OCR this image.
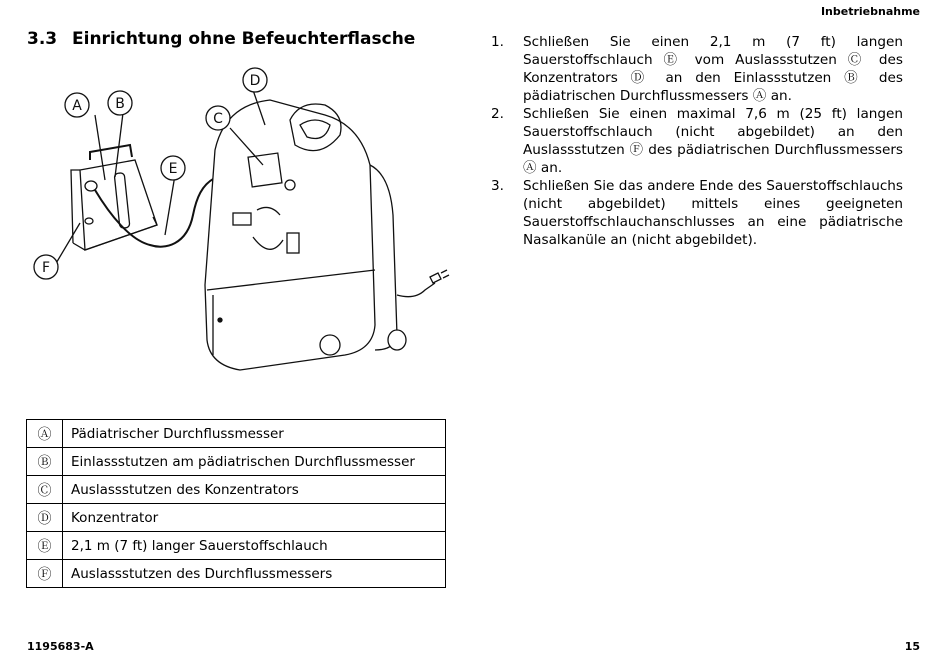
Inbetriebnahme
3.3 Einrichtung ohne Befeuchterflasche
A B
C
D
E
F
Ⓐ	Pädiatrischer Durchflussmesser
Ⓑ	Einlassstutzen am pädiatrischen Durchflussmesser
Ⓒ	Auslassstutzen des Konzentrators
Ⓓ	Konzentrator
Ⓔ	2,1 m (7 ft) langer Sauerstoffschlauch
Ⓕ	Auslassstutzen des Durchflussmessers
1. Schließen Sie einen 2,1 m (7 ft) langen Sauerstoffschlauch Ⓔ vom Auslassstutzen Ⓒ des Konzentrators Ⓓ an den Einlassstutzen Ⓑ des pädiatrischen Durchflussmessers Ⓐ an.
2. Schließen Sie einen maximal 7,6 m (25 ft) langen Sauerstoffschlauch (nicht abgebildet) an den Auslassstutzen Ⓕ des pädiatrischen Durchflussmessers Ⓐ an.
3. Schließen Sie das andere Ende des Sauerstoffschlauchs (nicht abgebildet) mittels eines geeigneten Sauerstoffschlauchanschlusses an eine pädiatrische Nasalkanüle an (nicht abgebildet).
1195683-A	15
